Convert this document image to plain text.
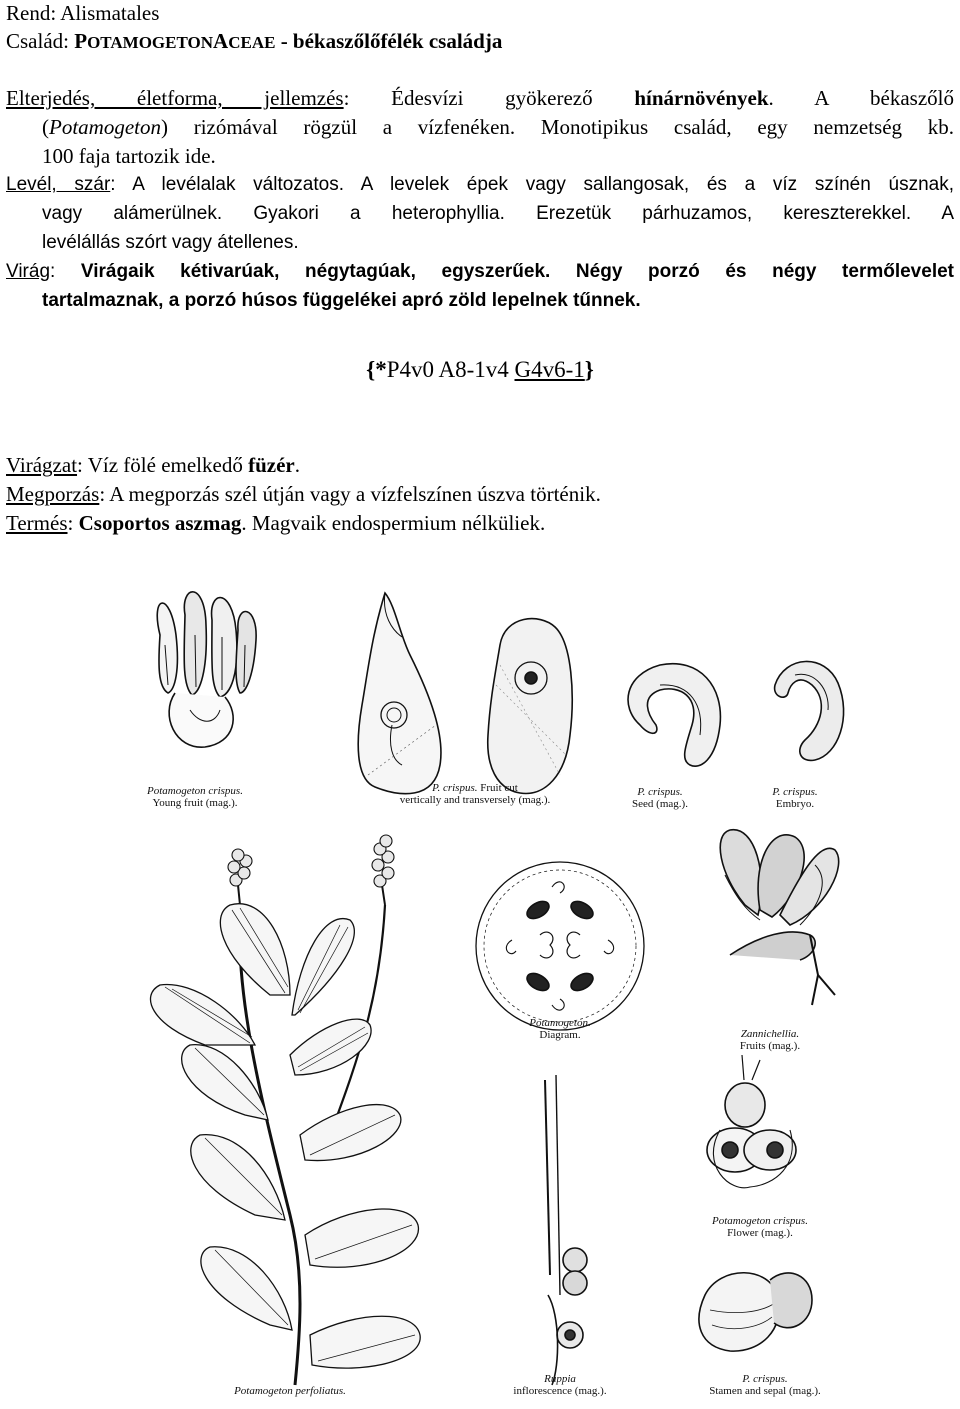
Rend: Alismatales
Család: POTAMOGETONACEAE - békaszőlőfélék családja
Elterjedés, életforma, jellemzés: Édesvízi gyökerező hínárnövények. A békaszőlő
(Potamogeton) rizómával rögzül a vízfenéken. Monotipikus család, egy nemzetség kb.
100 faja tartozik ide.
Levél, szár: A levélalak változatos. A levelek épek vagy sallangosak, és a víz színén úsznak,
vagy alámerülnek. Gyakori a heterophyllia. Erezetük párhuzamos, kereszterekkel. A
levélállás szórt vagy átellenes.
Virág: Virágaik kétivarúak, négytagúak, egyszerűek. Négy porzó és négy termőlevelet
tartalmaznak, a porzó húsos függelékei apró zöld lepelnek tűnnek.
{*P4v0 A8-1v4 G4v6-1}
Virágzat: Víz fölé emelkedő füzér.
Megporzás: A megporzás szél útján vagy a vízfelszínen úszva történik.
Termés: Csoportos aszmag. Magvaik endospermium nélküliek.
Potamogeton crispus.
Young fruit (mag.).
P. crispus. Fruit cut
vertically and transversely (mag.).
P. crispus.
Seed (mag.).
P. crispus.
Embryo.
Potamogeton.
Diagram.	Zannichellia.
Fruits (mag.).
Potamogeton crispus.
Flower (mag.).
Potamogeton perfoliatus.
Ruppia
inflorescence (mag.).
P. crispus.
Stamen and sepal (mag.).
